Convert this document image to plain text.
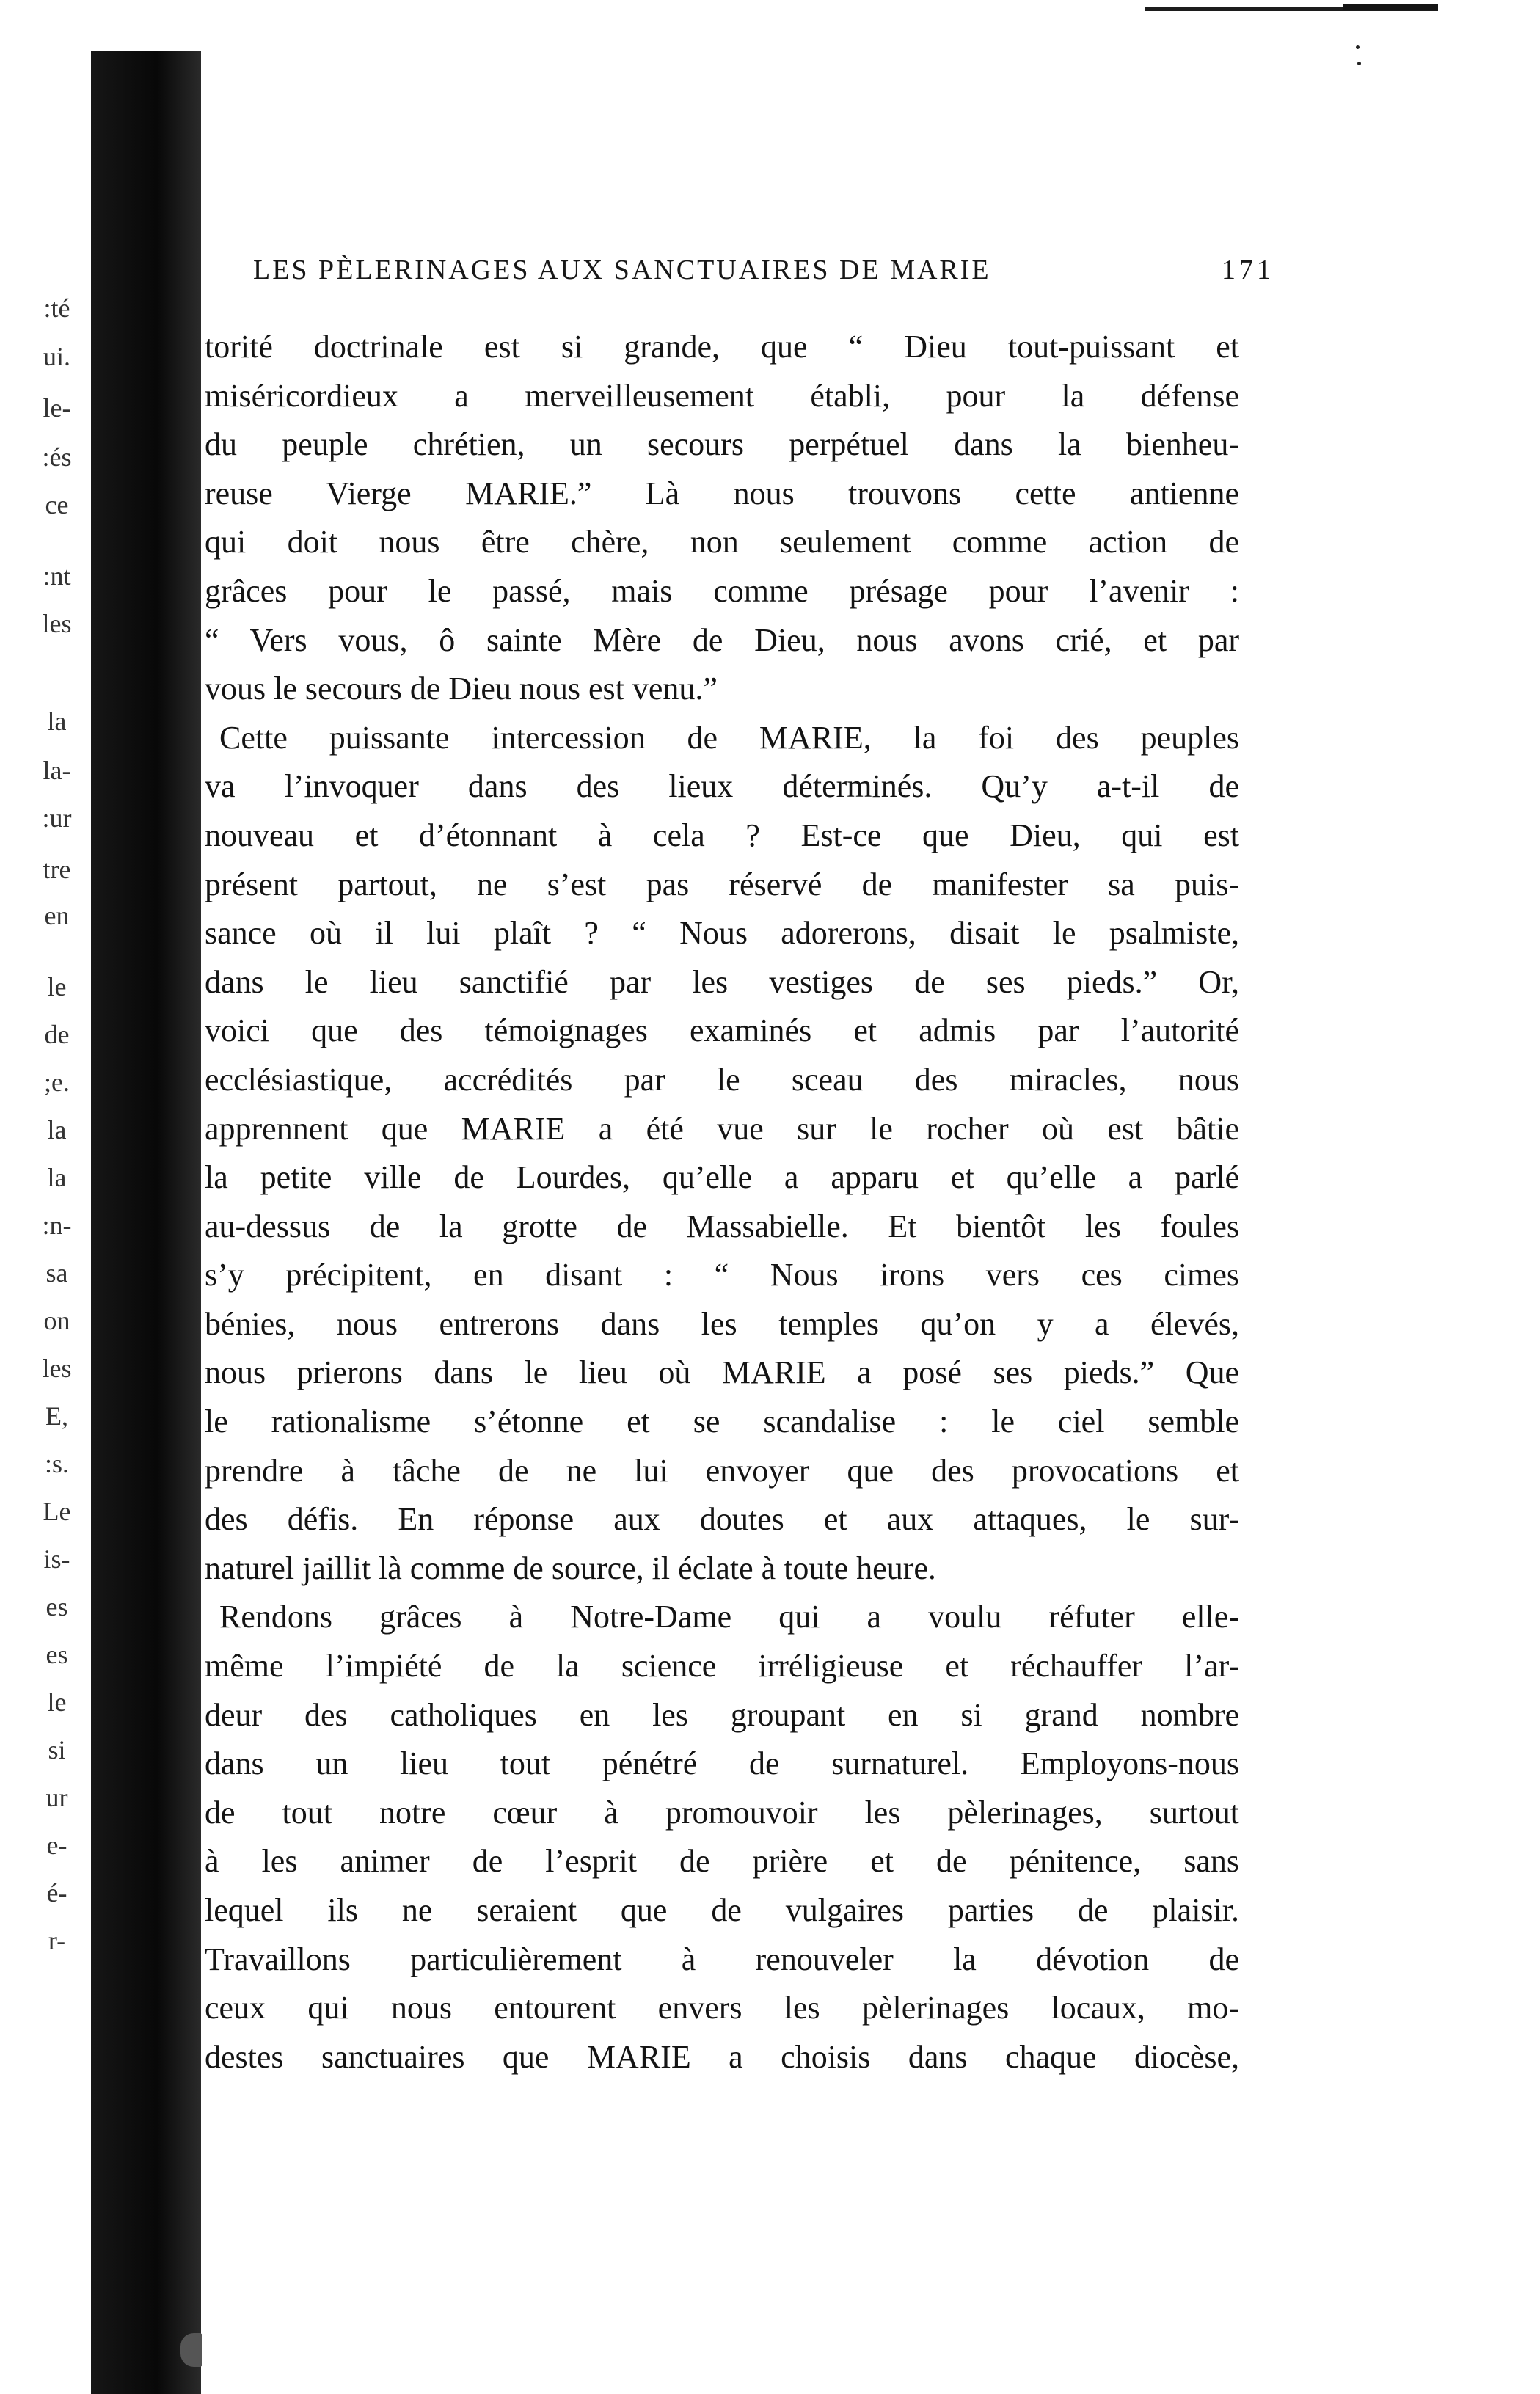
:té
ui.
le-
:és
ce
:nt
les
la
la-
:ur
tre
en
le
de
;e.
la
la
:n-
sa
on
les
E,
:s.
Le
is-
es
es
le
si
ur
e-
é-
r-
LES PÈLERINAGES AUX SANCTUAIRES DE MARIE	171
torité doctrinale est si grande, que “ Dieu tout-puissant et
miséricordieux a merveilleusement établi, pour la défense
du peuple chrétien, un secours perpétuel dans la bienheu-
reuse Vierge MARIE.” Là nous trouvons cette antienne
qui doit nous être chère, non seulement comme action de
grâces pour le passé, mais comme présage pour l’avenir :
“ Vers vous, ô sainte Mère de Dieu, nous avons crié, et par
vous le secours de Dieu nous est venu.”
Cette puissante intercession de MARIE, la foi des peuples
va l’invoquer dans des lieux déterminés. Qu’y a-t-il de
nouveau et d’étonnant à cela ? Est-ce que Dieu, qui est
présent partout, ne s’est pas réservé de manifester sa puis-
sance où il lui plaît ? “ Nous adorerons, disait le psalmiste,
dans le lieu sanctifié par les vestiges de ses pieds.” Or,
voici que des témoignages examinés et admis par l’autorité
ecclésiastique, accrédités par le sceau des miracles, nous
apprennent que MARIE a été vue sur le rocher où est bâtie
la petite ville de Lourdes, qu’elle a apparu et qu’elle a parlé
au-dessus de la grotte de Massabielle. Et bientôt les foules
s’y précipitent, en disant : “ Nous irons vers ces cimes
bénies, nous entrerons dans les temples qu’on y a élevés,
nous prierons dans le lieu où MARIE a posé ses pieds.” Que
le rationalisme s’étonne et se scandalise : le ciel semble
prendre à tâche de ne lui envoyer que des provocations et
des défis. En réponse aux doutes et aux attaques, le sur-
naturel jaillit là comme de source, il éclate à toute heure.
Rendons grâces à Notre-Dame qui a voulu réfuter elle-
même l’impiété de la science irréligieuse et réchauffer l’ar-
deur des catholiques en les groupant en si grand nombre
dans un lieu tout pénétré de surnaturel. Employons-nous
de tout notre cœur à promouvoir les pèlerinages, surtout
à les animer de l’esprit de prière et de pénitence, sans
lequel ils ne seraient que de vulgaires parties de plaisir.
Travaillons particulièrement à renouveler la dévotion de
ceux qui nous entourent envers les pèlerinages locaux, mo-
destes sanctuaires que MARIE a choisis dans chaque diocèse,
